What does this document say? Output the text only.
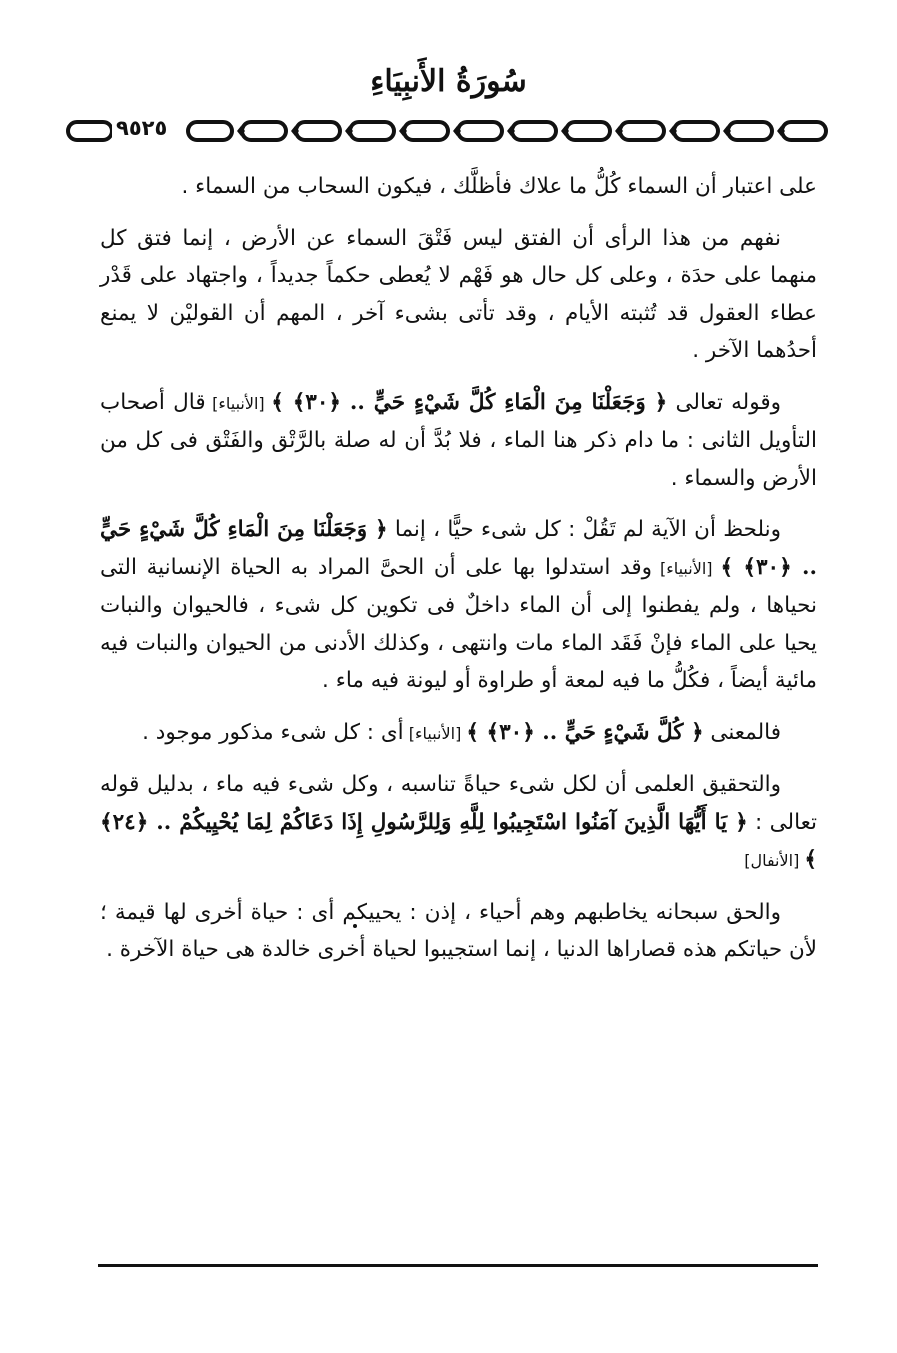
سُورَةُ الأَنبِيَاءِ
٩٥٢٥

على اعتبار أن السماء كُلُّ ما علاك فأظلَّك ، فيكون السحاب من السماء .

نفهم من هذا الرأى أن الفتق ليس فَتْقَ السماء عن الأرض ، إنما فتق كل منهما على حدَة ، وعلى كل حال هو فَهْم لا يُعطى حكماً جديداً ، واجتهاد على قَدْر عطاء العقول قد تُثبته الأيام ، وقد تأتى بشىء آخر ، المهم أن القوليْن لا يمنع أحدُهما الآخر .

وقوله تعالى ﴿ وَجَعَلْنَا مِنَ الْمَاءِ كُلَّ شَيْءٍ حَيٍّ .. ﴿٣٠﴾ ﴾ [الأنبياء] قال أصحاب التأويل الثانى : ما دام ذكر هنا الماء ، فلا بُدَّ أن له صلة بالرَّتْق والفَتْق فى كل من الأرض والسماء .

ونلحظ أن الآية لم تَقُلْ : كل شىء حيًّا ، إنما ﴿ وَجَعَلْنَا مِنَ الْمَاءِ كُلَّ شَيْءٍ حَيٍّ .. ﴿٣٠﴾ ﴾ [الأنبياء] وقد استدلوا بها على أن الحىَّ المراد به الحياة الإنسانية التى نحياها ، ولم يفطنوا إلى أن الماء داخلٌ فى تكوين كل شىء ، فالحيوان والنبات يحيا على الماء فإنْ فَقَد الماء مات وانتهى ، وكذلك الأدنى من الحيوان والنبات فيه مائية أيضاً ، فكُلُّ ما فيه لمعة أو طراوة أو ليونة فيه ماء .

فالمعنى ﴿ كُلَّ شَيْءٍ حَيٍّ .. ﴿٣٠﴾ ﴾ [الأنبياء] أى : كل شىء مذكور موجود .

والتحقيق العلمى أن لكل شىء حياةً تناسبه ، وكل شىء فيه ماء ، بدليل قوله تعالى : ﴿ يَا أَيُّهَا الَّذِينَ آمَنُوا اسْتَجِيبُوا لِلَّهِ وَلِلرَّسُولِ إِذَا دَعَاكُمْ لِمَا يُحْيِيكُمْ .. ﴿٢٤﴾ ﴾ [الأنفال]

والحق سبحانه يخاطبهم وهم أحياء ، إذن : يحييكم أى : حياة أخرى لها قيمة ؛ لأن حياتكم هذه قصاراها الدنيا ، إنما استجيبوا لحياة أخرى خالدة هى حياة الآخرة .
